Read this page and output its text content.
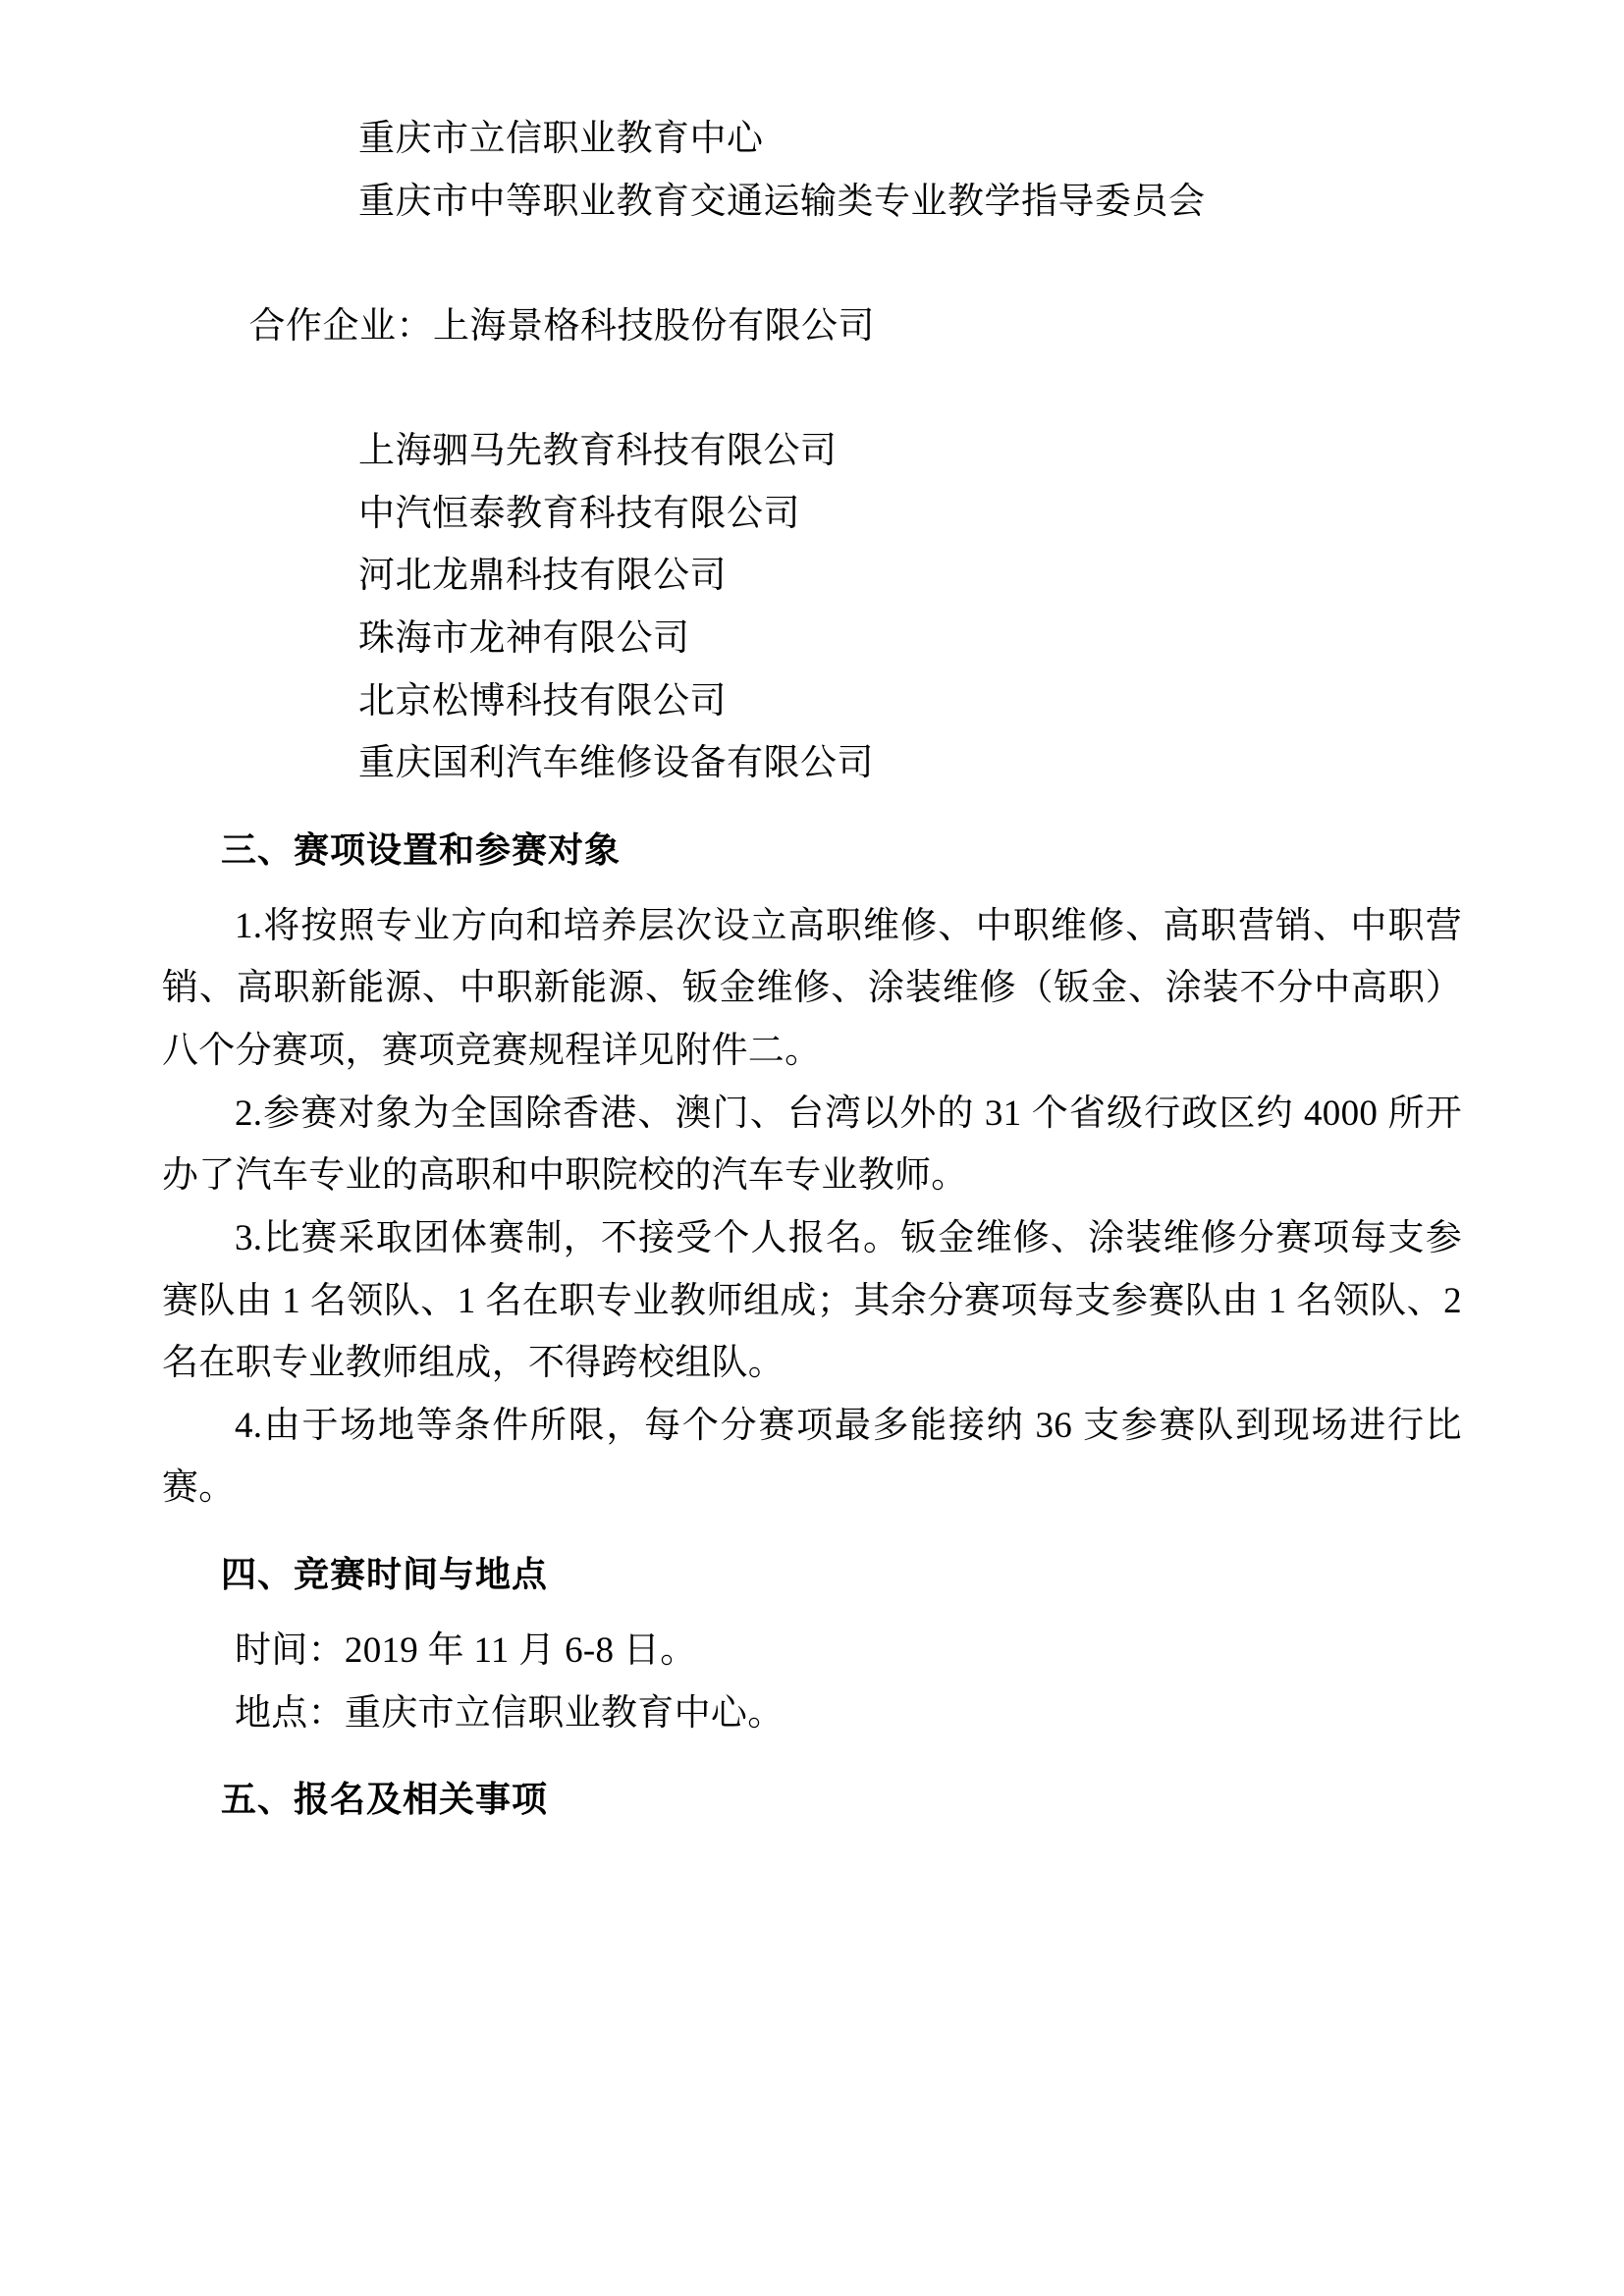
重庆市立信职业教育中心
重庆市中等职业教育交通运输类专业教学指导委员会

合作企业：上海景格科技股份有限公司

上海驷马先教育科技有限公司
中汽恒泰教育科技有限公司
河北龙鼎科技有限公司
珠海市龙神有限公司
北京松博科技有限公司
重庆国利汽车维修设备有限公司
三、赛项设置和参赛对象

1.将按照专业方向和培养层次设立高职维修、中职维修、高职营销、中职营销、高职新能源、中职新能源、钣金维修、涂装维修（钣金、涂装不分中高职）八个分赛项，赛项竞赛规程详见附件二。

2.参赛对象为全国除香港、澳门、台湾以外的 31 个省级行政区约 4000 所开办了汽车专业的高职和中职院校的汽车专业教师。

3.比赛采取团体赛制，不接受个人报名。钣金维修、涂装维修分赛项每支参赛队由 1 名领队、1 名在职专业教师组成；其余分赛项每支参赛队由 1 名领队、2 名在职专业教师组成，不得跨校组队。

4.由于场地等条件所限，每个分赛项最多能接纳 36 支参赛队到现场进行比赛。

四、竞赛时间与地点
时间：2019 年 11 月 6-8 日。
地点：重庆市立信职业教育中心。
五、报名及相关事项
